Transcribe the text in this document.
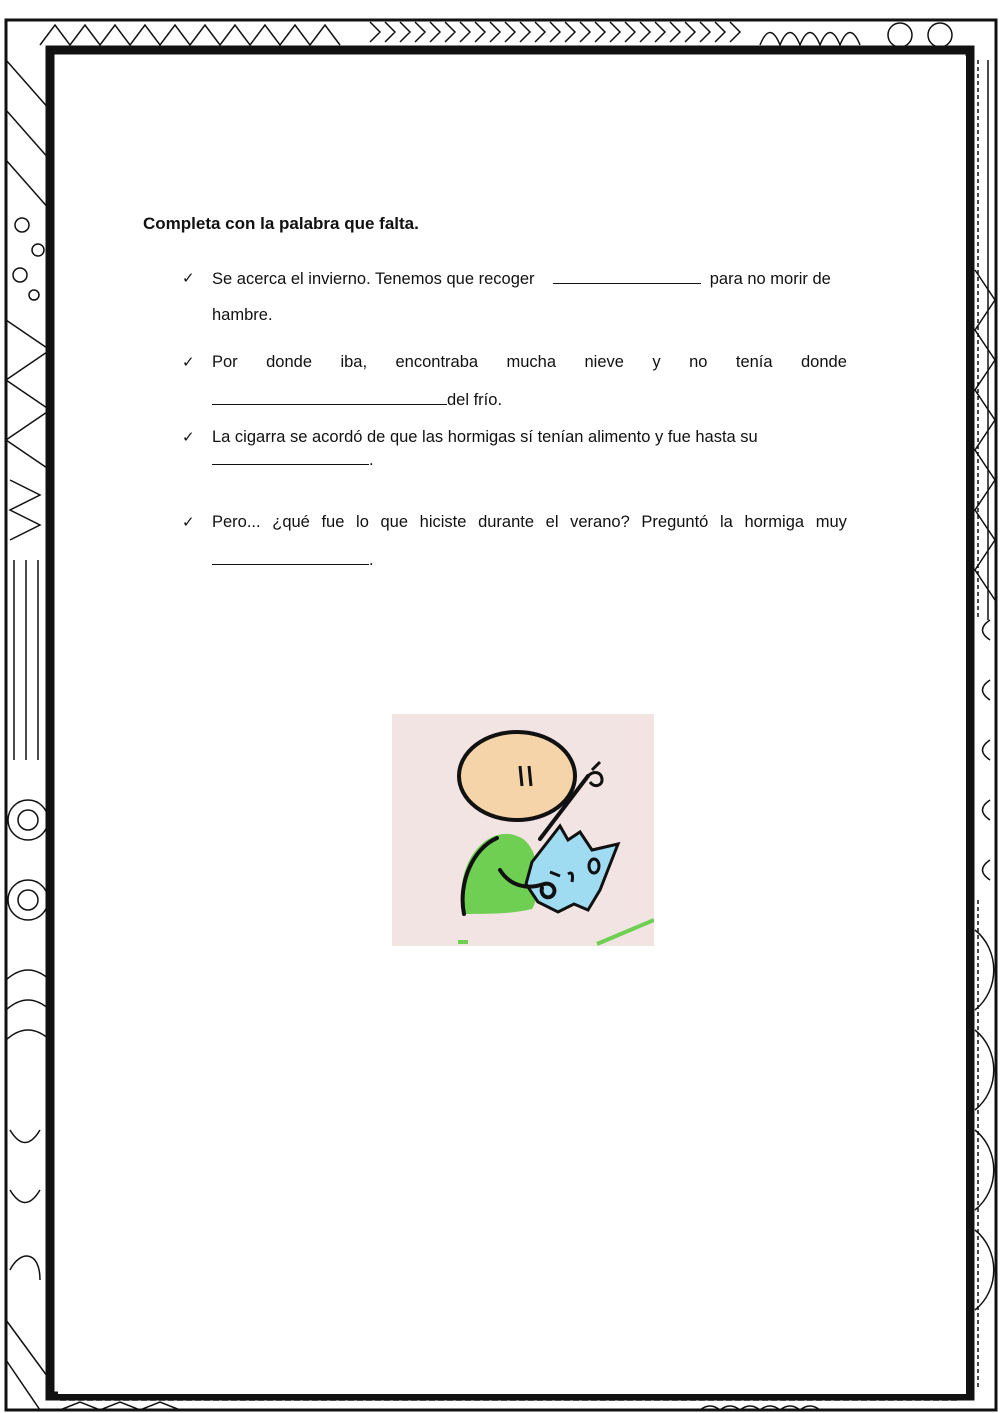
Completa con la palabra que falta.
✓ Se acerca el invierno. Tenemos que recoger	para no morir de
hambre.
✓ Por donde iba, encontraba mucha nieve y no tenía donde
del frío.
✓ La cigarra se acordó de que las hormigas sí tenían alimento y fue hasta su
.
✓ Pero... ¿qué fue lo que hiciste durante el verano? Preguntó la hormiga muy
.
